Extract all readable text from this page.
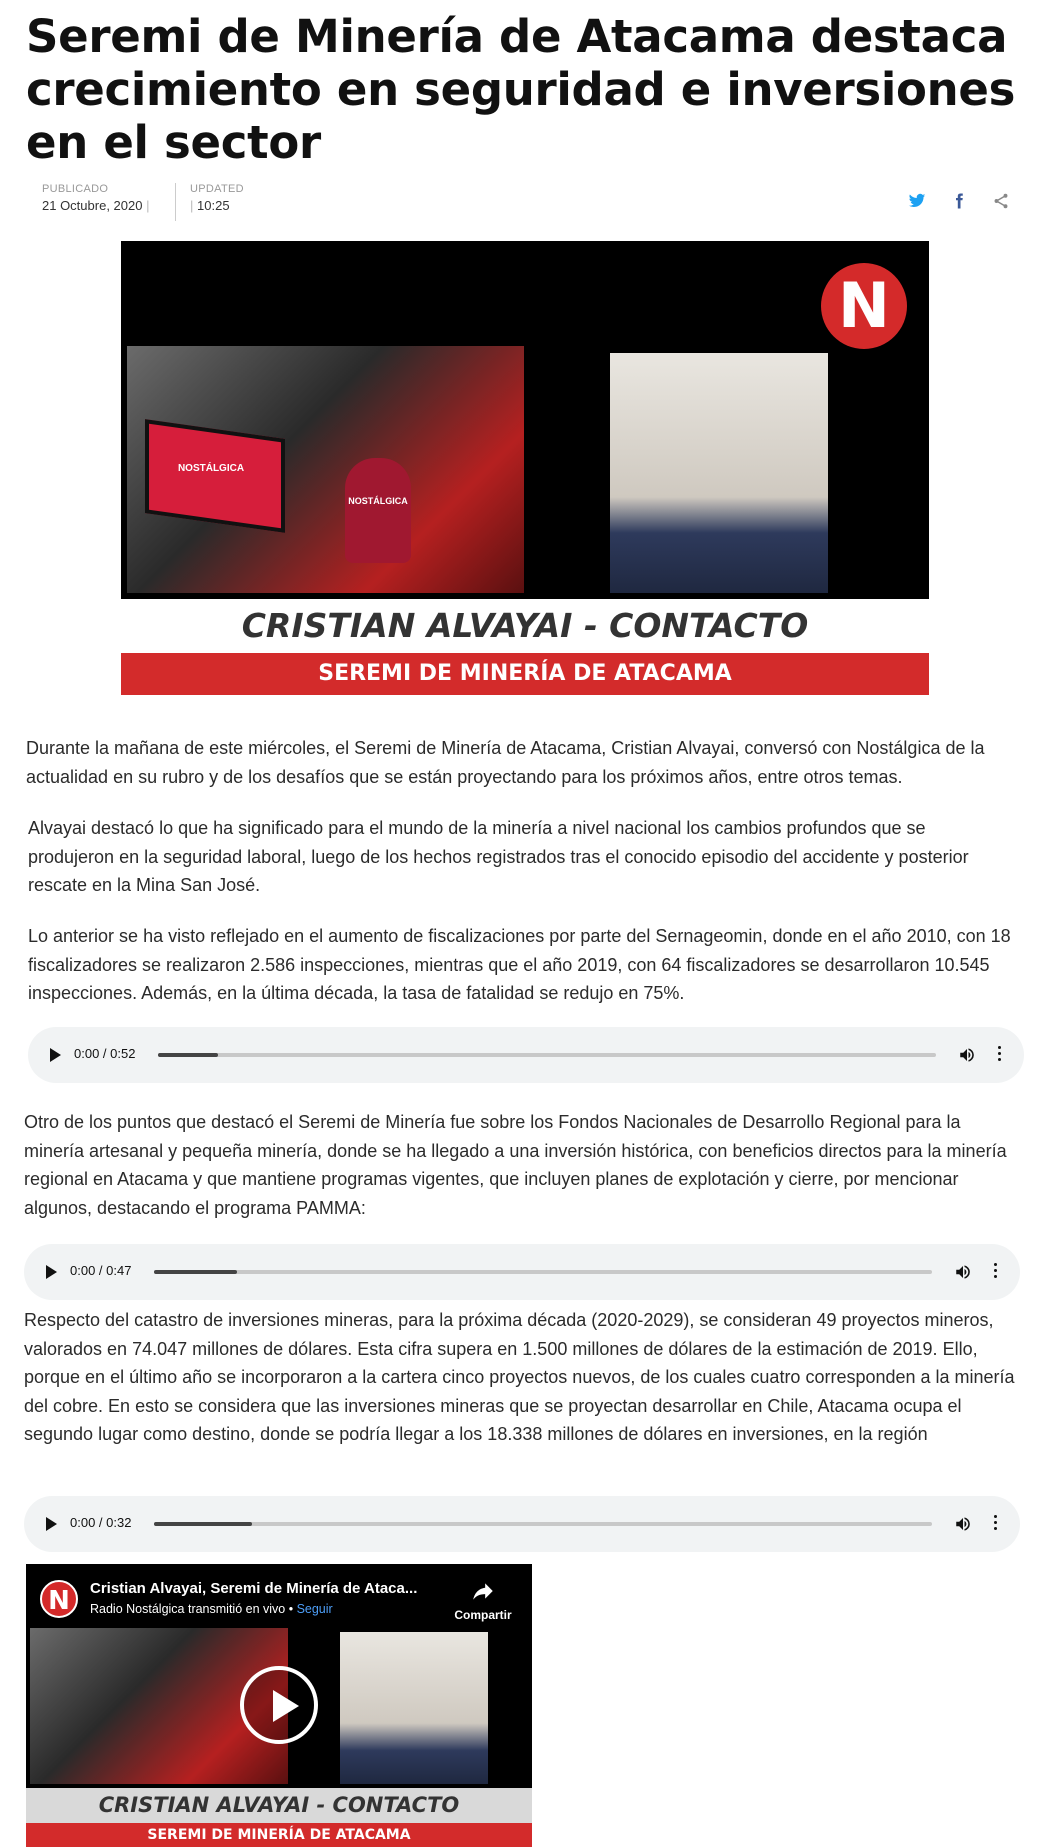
Seremi de Minería de Atacama destaca crecimiento en seguridad e inversiones en el sector
PUBLICADO
21 Octubre, 2020 |
UPDATED
| 10:25
NOSTÁLGICA
NOSTÁLGICA
N
CRISTIAN ALVAYAI - CONTACTO
SEREMI DE MINERÍA DE ATACAMA

Durante la mañana de este miércoles, el Seremi de Minería de Atacama, Cristian Alvayai, conversó con Nostálgica de la actualidad en su rubro y de los desafíos que se están proyectando para los próximos años, entre otros temas.

Alvayai destacó lo que ha significado para el mundo de la minería a nivel nacional los cambios profundos que se produjeron en la seguridad laboral, luego de los hechos registrados tras el conocido episodio del accidente y posterior rescate en la Mina San José.

Lo anterior se ha visto reflejado en el aumento de fiscalizaciones por parte del Sernageomin, donde en el año 2010, con 18 fiscalizadores se realizaron 2.586 inspecciones, mientras que el año 2019, con 64 fiscalizadores se desarrollaron 10.545 inspecciones. Además, en la última década, la tasa de fatalidad se redujo en 75%.

0:00 / 0:52

Otro de los puntos que destacó el Seremi de Minería fue sobre los Fondos Nacionales de Desarrollo Regional para la minería artesanal y pequeña minería, donde se ha llegado a una inversión histórica, con beneficios directos para la minería regional en Atacama y que mantiene programas vigentes, que incluyen planes de explotación y cierre, por mencionar algunos, destacando el programa PAMMA:

0:00 / 0:47

Respecto del catastro de inversiones mineras, para la próxima década (2020-2029), se consideran 49 proyectos mineros, valorados en 74.047 millones de dólares. Esta cifra supera en 1.500 millones de dólares de la estimación de 2019. Ello, porque en el último año se incorporaron a la cartera cinco proyectos nuevos, de los cuales cuatro corresponden a la minería del cobre. En esto se considera que las inversiones mineras que se proyectan desarrollar en Chile, Atacama ocupa el segundo lugar como destino, donde se podría llegar a los 18.338 millones de dólares en inversiones, en la región

0:00 / 0:32
N	Cristian Alvayai, Seremi de Minería de Ataca...
Radio Nostálgica transmitió en vivo • Seguir	Compartir
CRISTIAN ALVAYAI - CONTACTO
SEREMI DE MINERÍA DE ATACAMA
